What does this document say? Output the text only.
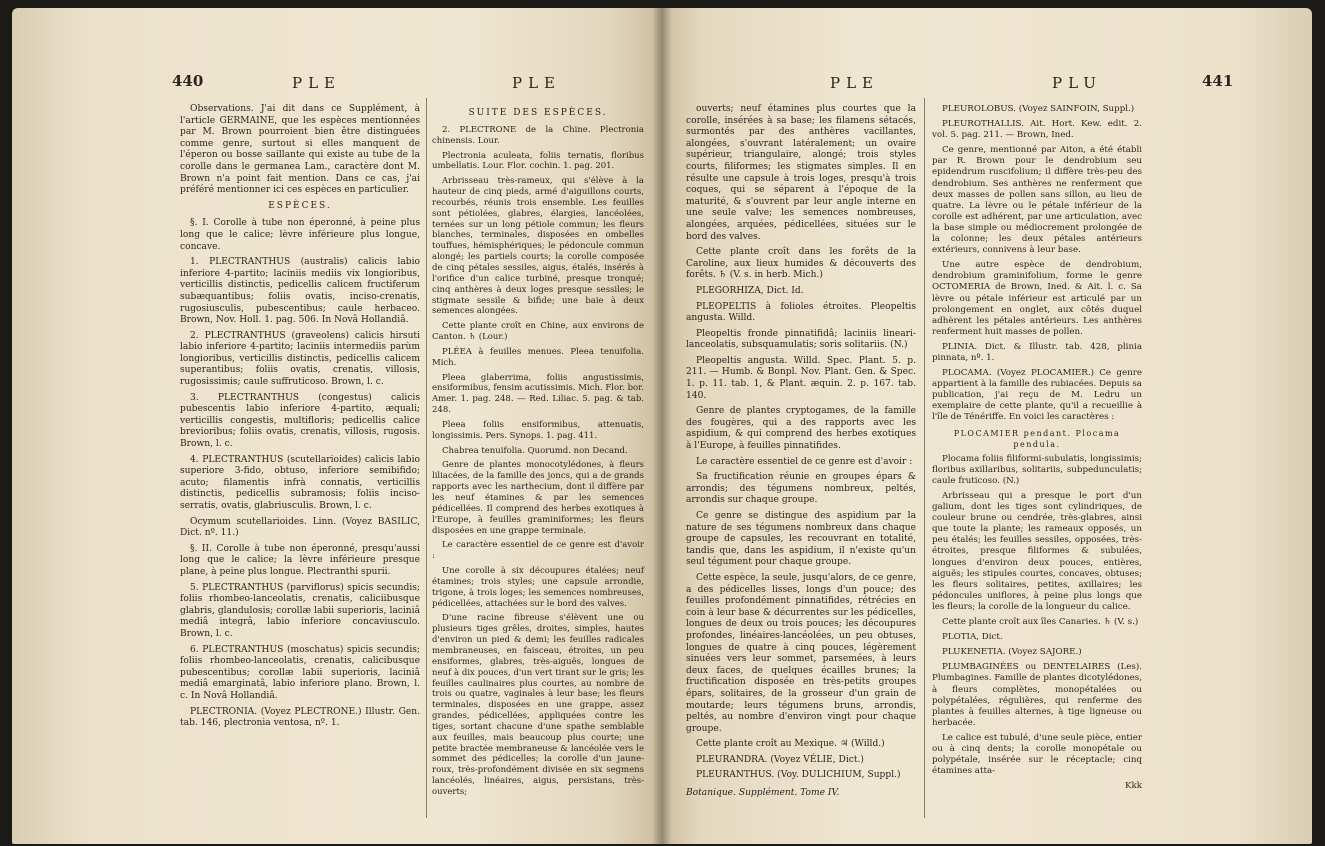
440	PLE	PLE

Observations. J'ai dit dans ce Supplément, à l'article GERMAINE, que les espèces mentionnées par M. Brown pourroient bien être distinguées comme genre, surtout si elles manquent de l'éperon ou bosse saillante qui existe au tube de la corolle dans le germanea Lam., caractère dont M. Brown n'a point fait mention. Dans ce cas, j'ai préféré mentionner ici ces espèces en particulier.

ESPÈCES.

§. I. Corolle à tube non éperonné, à peine plus long que le calice; lèvre inférieure plus longue, concave.

1. PLECTRANTHUS (australis) calicis labio inferiore 4-partito; laciniis mediis vix longioribus, verticillis distinctis, pedicellis calicem fructiferum subæquantibus; foliis ovatis, inciso-crenatis, rugosiusculis, pubescentibus; caule herbaceo. Brown, Nov. Holl. 1. pag. 506. In Novâ Hollandiâ.

2. PLECTRANTHUS (graveolens) calicis hirsuti labio inferiore 4-partito; laciniis intermediis parùm longioribus, verticillis distinctis, pedicellis calicem superantibus; foliis ovatis, crenatis, villosis, rugosissimis; caule suffruticoso. Brown, l. c.

3. PLECTRANTHUS (congestus) calicis pubescentis labio inferiore 4-partito, æquali; verticillis congestis, multifloris; pedicellis calice brevioribus; foliis ovatis, crenatis, villosis, rugosis. Brown, l. c.

4. PLECTRANTHUS (scutellarioides) calicis labio superiore 3-fido, obtuso, inferiore semibifido; acuto; filamentis infrà connatis, verticillis distinctis, pedicellis subramosis; foliis inciso-serratis, ovatis, glabriusculis. Brown, l. c.

Ocymum scutellarioides. Linn. (Voyez BASILIC, Dict. nº. 11.)

§. II. Corolle à tube non éperonné, presqu'aussi long que le calice; la lèvre inférieure presque plane, à peine plus longue. Plectranthi spurii.

5. PLECTRANTHUS (parviflorus) spicis secundis; foliis rhombeo-lanceolatis, crenatis, caliciibusque glabris, glandulosis; corollæ labii superioris, laciniâ mediâ integrâ, labio inferiore concaviusculo. Brown, l. c.

6. PLECTRANTHUS (moschatus) spicis secundis; foliis rhombeo-lanceolatis, crenatis, calicibusque pubescentibus; corollæ labii superioris, laciniâ mediâ emarginatâ, labio inferiore plano. Brown, l. c. In Novâ Hollandiâ.

PLECTRONIA. (Voyez PLECTRONE.) Illustr. Gen. tab. 146, plectronia ventosa, nº. 1.

SUITE DES ESPÈCES.

2. PLECTRONE de la Chine. Plectronia chinensis. Lour.

Plectronia aculeata, foliis ternatis, floribus umbellatis. Lour. Flor. cochin. 1. pag. 201.

Arbrisseau très-rameux, qui s'élève à la hauteur de cinq pieds, armé d'aiguillons courts, recourbés, réunis trois ensemble. Les feuilles sont pétiolées, glabres, élargies, lancéolées, ternées sur un long pétiole commun; les fleurs blanches, terminales, disposées en ombelles touffues, hémisphériques; le pédoncule commun alongé; les partiels courts; la corolle composée de cinq pétales sessiles, aigus, étalés, insérés à l'orifice d'un calice turbiné, presque tronqué; cinq anthères à deux loges presque sessiles; le stigmate sessile & bifide; une baie à deux semences alongées.

Cette plante croît en Chine, aux environs de Canton. ♄ (Lour.)

PLÉEA à feuilles menues. Pleea tenuifolia. Mich.

Pleea glaberrima, foliis angustissimis, ensiformibus, fensim acutissimis. Mich. Flor. bor. Amer. 1. pag. 248. — Red. Liliac. 5. pag. & tab. 248.

Pleea foliis ensiformibus, attenuatis, longissimis. Pers. Synops. 1. pag. 411.

Chabrea tenuifolia. Quorumd. non Decand.

Genre de plantes monocotylédones, à fleurs liliacées, de la famille des joncs, qui a de grands rapports avec les narthecium, dont il diffère par les neuf étamines & par les semences pédicellées. Il comprend des herbes exotiques à l'Europe, à feuilles graminiformes; les fleurs disposées en une grappe terminale.

Le caractère essentiel de ce genre est d'avoir :

Une corolle à six découpures étalées; neuf étamines; trois styles; une capsule arrondie, trigone, à trois loges; les semences nombreuses, pédicellées, attachées sur le bord des valves.

D'une racine fibreuse s'élèvent une ou plusieurs tiges grêles, droites, simples, hautes d'environ un pied & demi; les feuilles radicales membraneuses, en faisceau, étroites, un peu ensiformes, glabres, très-aiguës, longues de neuf à dix pouces, d'un vert tirant sur le gris; les feuilles caulinaires plus courtes, au nombre de trois ou quatre, vaginales à leur base; les fleurs terminales, disposées en une grappe, assez grandes, pédicellées, appliquées contre les tiges, sortant chacune d'une spathe semblable aux feuilles, mais beaucoup plus courte; une petite bractée membraneuse & lancéolée vers le sommet des pédicelles; la corolle d'un jaune-roux, très-profondément divisée en six segmens lancéolés, linéaires, aigus, persistans, très-ouverts;

PLE	PLU	441

ouverts; neuf étamines plus courtes que la corolle, insérées à sa base; les filamens sétacés, surmontés par des anthères vacillantes, alongées, s'ouvrant latéralement; un ovaire supérieur, triangulaire, alongé; trois styles courts, filiformes; les stigmates simples. Il en résulte une capsule à trois loges, presqu'à trois coques, qui se séparent à l'époque de la maturité, & s'ouvrent par leur angle interne en une seule valve; les semences nombreuses, alongées, arquées, pédicellées, situées sur le bord des valves.

Cette plante croît dans les forêts de la Caroline, aux lieux humides & découverts des forêts. ♄ (V. s. in herb. Mich.)

PLEGORHIZA, Dict. Id.

PLEOPELTIS à folioles étroites. Pleopeltis angusta. Willd.

Pleopeltis fronde pinnatifidâ; laciniis lineari-lanceolatis, subsquamulatis; soris solitariis. (N.)

Pleopeltis angusta. Willd. Spec. Plant. 5. p. 211. — Humb. & Bonpl. Nov. Plant. Gen. & Spec. 1. p. 11. tab. 1, & Plant. æquin. 2. p. 167. tab. 140.

Genre de plantes cryptogames, de la famille des fougères, qui a des rapports avec les aspidium, & qui comprend des herbes exotiques à l'Europe, à feuilles pinnatifides.

Le caractère essentiel de ce genre est d'avoir :

Sa fructification réunie en groupes épars & arrondis; des tégumens nombreux, peltés, arrondis sur chaque groupe.

Ce genre se distingue des aspidium par la nature de ses tégumens nombreux dans chaque groupe de capsules, les recouvrant en totalité, tandis que, dans les aspidium, il n'existe qu'un seul tégument pour chaque groupe.

Cette espèce, la seule, jusqu'alors, de ce genre, a des pédicelles lisses, longs d'un pouce; des feuilles profondément pinnatifides, rétrécies en coin à leur base & décurrentes sur les pédicelles, longues de deux ou trois pouces; les découpures profondes, linéaires-lancéolées, un peu obtuses, longues de quatre à cinq pouces, légèrement sinuées vers leur sommet, parsemées, à leurs deux faces, de quelques écailles brunes; la fructification disposée en très-petits groupes épars, solitaires, de la grosseur d'un grain de moutarde; leurs tégumens bruns, arrondis, peltés, au nombre d'environ vingt pour chaque groupe.

Cette plante croît au Mexique. ♃ (Willd.)

PLEURANDRA. (Voyez VÉLIE, Dict.)

PLEURANTHUS. (Voy. DULICHIUM, Suppl.)

Botanique. Supplément. Tome IV.

PLEUROLOBUS. (Voyez SAINFOIN, Suppl.)

PLEUROTHALLIS. Ait. Hort. Kew. edit. 2. vol. 5. pag. 211. — Brown, Ined.

Ce genre, mentionné par Aiton, a été établi par R. Brown pour le dendrobium seu epidendrum ruscifolium; il diffère très-peu des dendrobium. Ses anthères ne renferment que deux masses de pollen sans sillon, au lieu de quatre. La lèvre ou le pétale inférieur de la corolle est adhérent, par une articulation, avec la base simple ou médiocrement prolongée de la colonne; les deux pétales antérieurs extérieurs, connivens à leur base.

Une autre espèce de dendrobium, dendrobium graminifolium, forme le genre OCTOMERIA de Brown, Ined. & Ait. l. c. Sa lèvre ou pétale inférieur est articulé par un prolongement en onglet, aux côtés duquel adhèrent les pétales antérieurs. Les anthères renferment huit masses de pollen.

PLINIA. Dict. & Illustr. tab. 428, plinia pinnata, nº. 1.

PLOCAMA. (Voyez PLOCAMIER.) Ce genre appartient à la famille des rubiacées. Depuis sa publication, j'ai reçu de M. Ledru un exemplaire de cette plante, qu'il a recueillie à l'île de Ténériffe. En voici les caractères :

PLOCAMIER pendant. Plocama pendula.

Plocama foliis filiformi-subulatis, longissimis; floribus axillaribus, solitariis, subpedunculatis; caule fruticoso. (N.)

Arbrisseau qui a presque le port d'un galium, dont les tiges sont cylindriques, de couleur brune ou cendrée, très-glabres, ainsi que toute la plante; les rameaux opposés, un peu étalés; les feuilles sessiles, opposées, très-étroites, presque filiformes & subulées, longues d'environ deux pouces, entières, aiguës; les stipules courtes, concaves, obtuses; les fleurs solitaires, petites, axillaires; les pédoncules uniflores, à peine plus longs que les fleurs; la corolle de la longueur du calice.

Cette plante croît aux îles Canaries. ♄ (V. s.)

PLOTIA, Dict.

PLUKENETIA. (Voyez SAJORE.)

PLUMBAGINÉES ou DENTELAIRES (Les). Plumbagines. Famille de plantes dicotylédones, à fleurs complètes, monopétalées ou polypétalées, régulières, qui renferme des plantes à feuilles alternes, à tige ligneuse ou herbacée.

Le calice est tubulé, d'une seule pièce, entier ou à cinq dents; la corolle monopétale ou polypétale, insérée sur le réceptacle; cinq étamines atta-

Kkk
